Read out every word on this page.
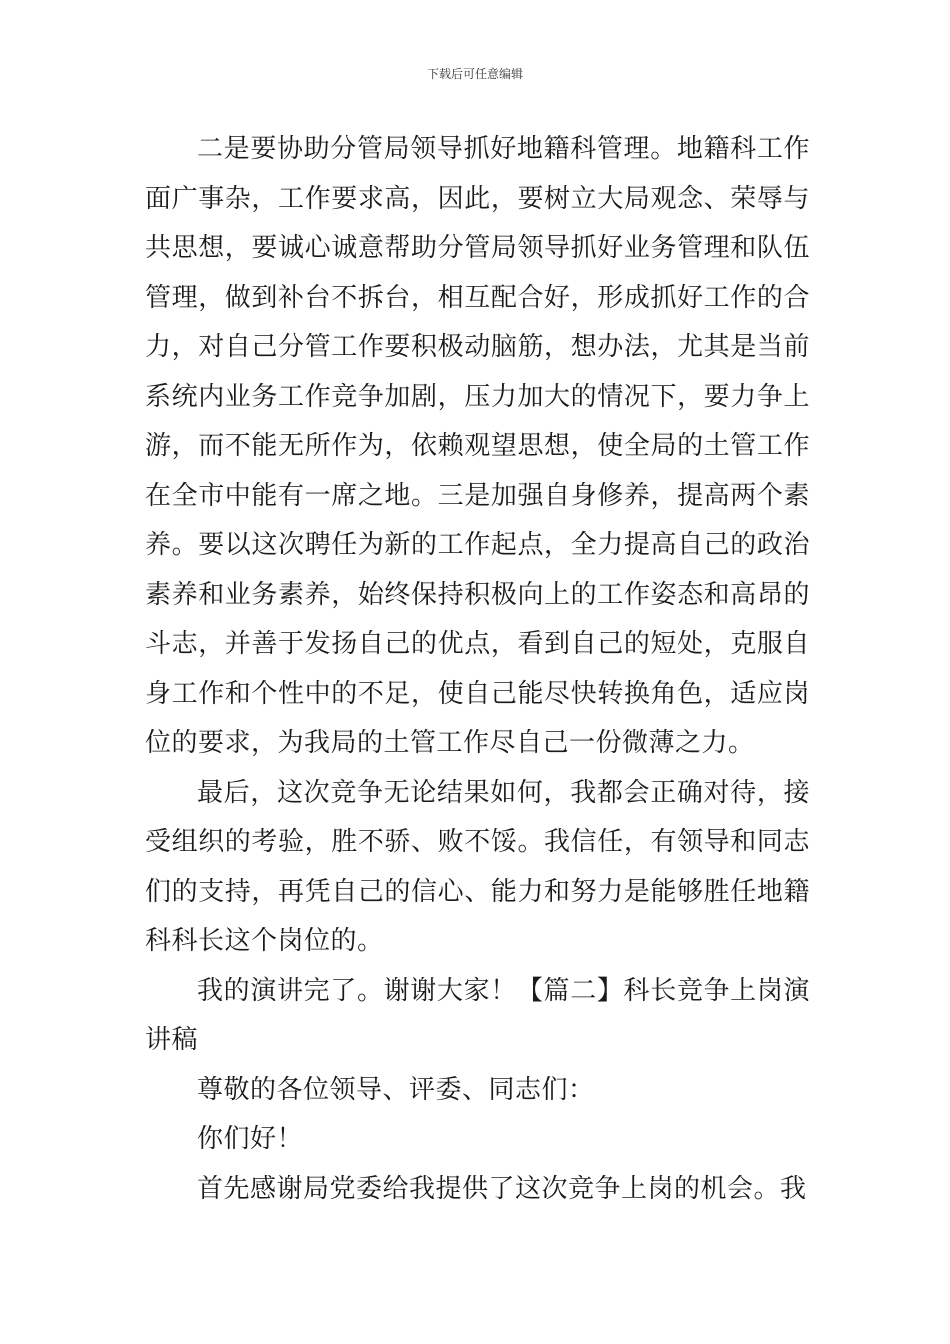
下载后可任意编辑

二是要协助分管局领导抓好地籍科管理。地籍科工作面广事杂，工作要求高，因此，要树立大局观念、荣辱与共思想，要诚心诚意帮助分管局领导抓好业务管理和队伍管理，做到补台不拆台，相互配合好，形成抓好工作的合力，对自己分管工作要积极动脑筋，想办法，尤其是当前系统内业务工作竞争加剧，压力加大的情况下，要力争上游，而不能无所作为，依赖观望思想，使全局的土管工作在全市中能有一席之地。三是加强自身修养，提高两个素养。要以这次聘任为新的工作起点，全力提高自己的政治素养和业务素养，始终保持积极向上的工作姿态和高昂的斗志，并善于发扬自己的优点，看到自己的短处，克服自身工作和个性中的不足，使自己能尽快转换角色，适应岗位的要求，为我局的土管工作尽自己一份微薄之力。

最后，这次竞争无论结果如何，我都会正确对待，接受组织的考验，胜不骄、败不馁。我信任，有领导和同志们的支持，再凭自己的信心、能力和努力是能够胜任地籍科科长这个岗位的。

我的演讲完了。谢谢大家！【篇二】科长竞争上岗演讲稿

尊敬的各位领导、评委、同志们：

你们好！

首先感谢局党委给我提供了这次竞争上岗的机会。我
